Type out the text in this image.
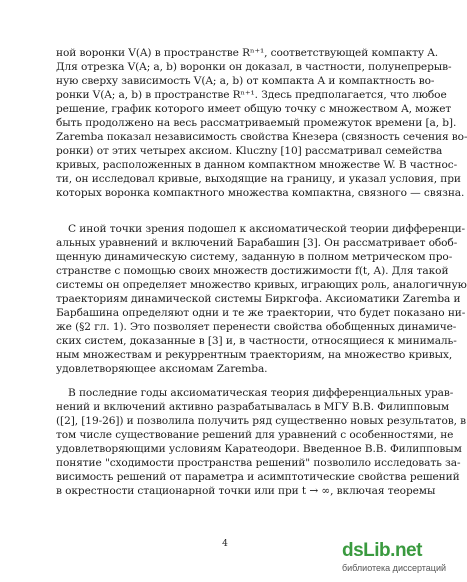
ной воронки V(A) в пространстве Rⁿ⁺¹, соответствующей компакту A.
Для отрезка V(A; a, b) воронки он доказал, в частности, полунепрерыв-
ную сверху зависимость V(A; a, b) от компакта A и компактность во-
ронки V(A; a, b) в пространстве Rⁿ⁺¹. Здесь предполагается, что любое
решение, график которого имеет общую точку с множеством A, может
быть продолжено на весь рассматриваемый промежуток времени [a, b].
Zaremba показал независимость свойства Кнезера (связность сечения во-
ронки) от этих четырех аксиом. Kluczny [10] рассматривал семейства
кривых, расположенных в данном компактном множестве W. В частнос-
ти, он исследовал кривые, выходящие на границу, и указал условия, при
которых воронка компактного множества компактна, связного — связна.
С иной точки зрения подошел к аксиоматической теории дифференци-
альных уравнений и включений Барабашин [3]. Он рассматривает обоб-
щенную динамическую систему, заданную в полном метрическом про-
странстве с помощью своих множеств достижимости f(t, A). Для такой
системы он определяет множество кривых, играющих роль, аналогичную
траекториям динамической системы Биркгофа. Аксиоматики Zaremba и
Барбашина определяют одни и те же траектории, что будет показано ни-
же (§2 гл. 1). Это позволяет перенести свойства обобщенных динамиче-
ских систем, доказанные в [3] и, в частности, относящиеся к минималь-
ным множествам и рекуррентным траекториям, на множество кривых,
удовлетворяющее аксиомам Zaremba.
В последние годы аксиоматическая теория дифференциальных урав-
нений и включений активно разрабатывалась в МГУ В.В. Филипповым
([2], [19-26]) и позволила получить ряд существенно новых результатов, в
том числе существование решений для уравнений с особенностями, не
удовлетворяющими условиям Каратеодори. Введенное В.В. Филипповым
понятие "сходимости пространства решений" позволило исследовать за-
висимость решений от параметра и асимптотические свойства решений
в окрестности стационарной точки или при t → ∞, включая теоремы
4	dsLib.net
библиотека диссертаций
